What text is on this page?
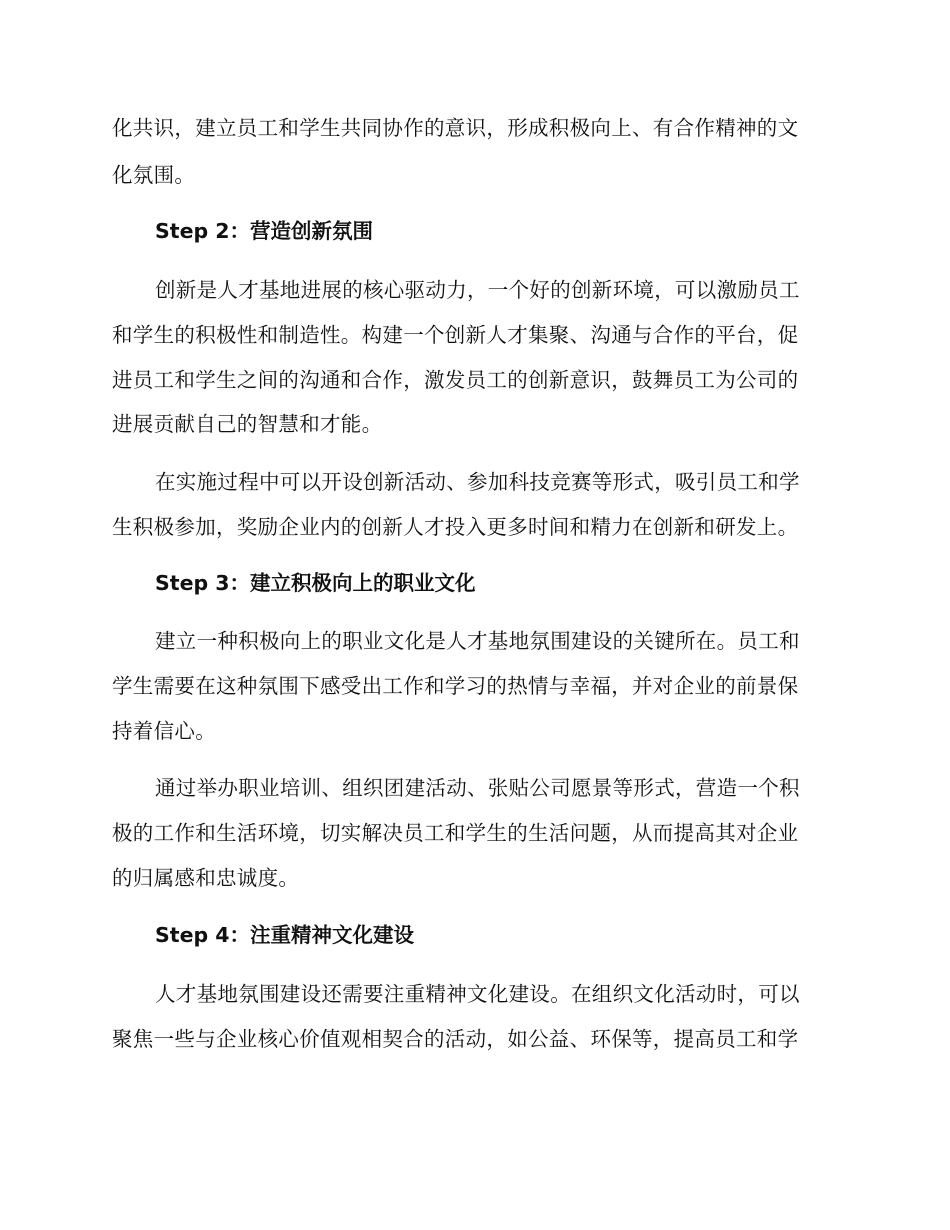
化共识，建立员工和学生共同协作的意识，形成积极向上、有合作精神的文
化氛围。
Step 2：营造创新氛围
创新是人才基地进展的核心驱动力，一个好的创新环境，可以激励员工
和学生的积极性和制造性。构建一个创新人才集聚、沟通与合作的平台，促
进员工和学生之间的沟通和合作，激发员工的创新意识，鼓舞员工为公司的
进展贡献自己的智慧和才能。
在实施过程中可以开设创新活动、参加科技竞赛等形式，吸引员工和学
生积极参加，奖励企业内的创新人才投入更多时间和精力在创新和研发上。
Step 3：建立积极向上的职业文化
建立一种积极向上的职业文化是人才基地氛围建设的关键所在。员工和
学生需要在这种氛围下感受出工作和学习的热情与幸福，并对企业的前景保
持着信心。
通过举办职业培训、组织团建活动、张贴公司愿景等形式，营造一个积
极的工作和生活环境，切实解决员工和学生的生活问题，从而提高其对企业
的归属感和忠诚度。
Step 4：注重精神文化建设
人才基地氛围建设还需要注重精神文化建设。在组织文化活动时，可以
聚焦一些与企业核心价值观相契合的活动，如公益、环保等，提高员工和学
